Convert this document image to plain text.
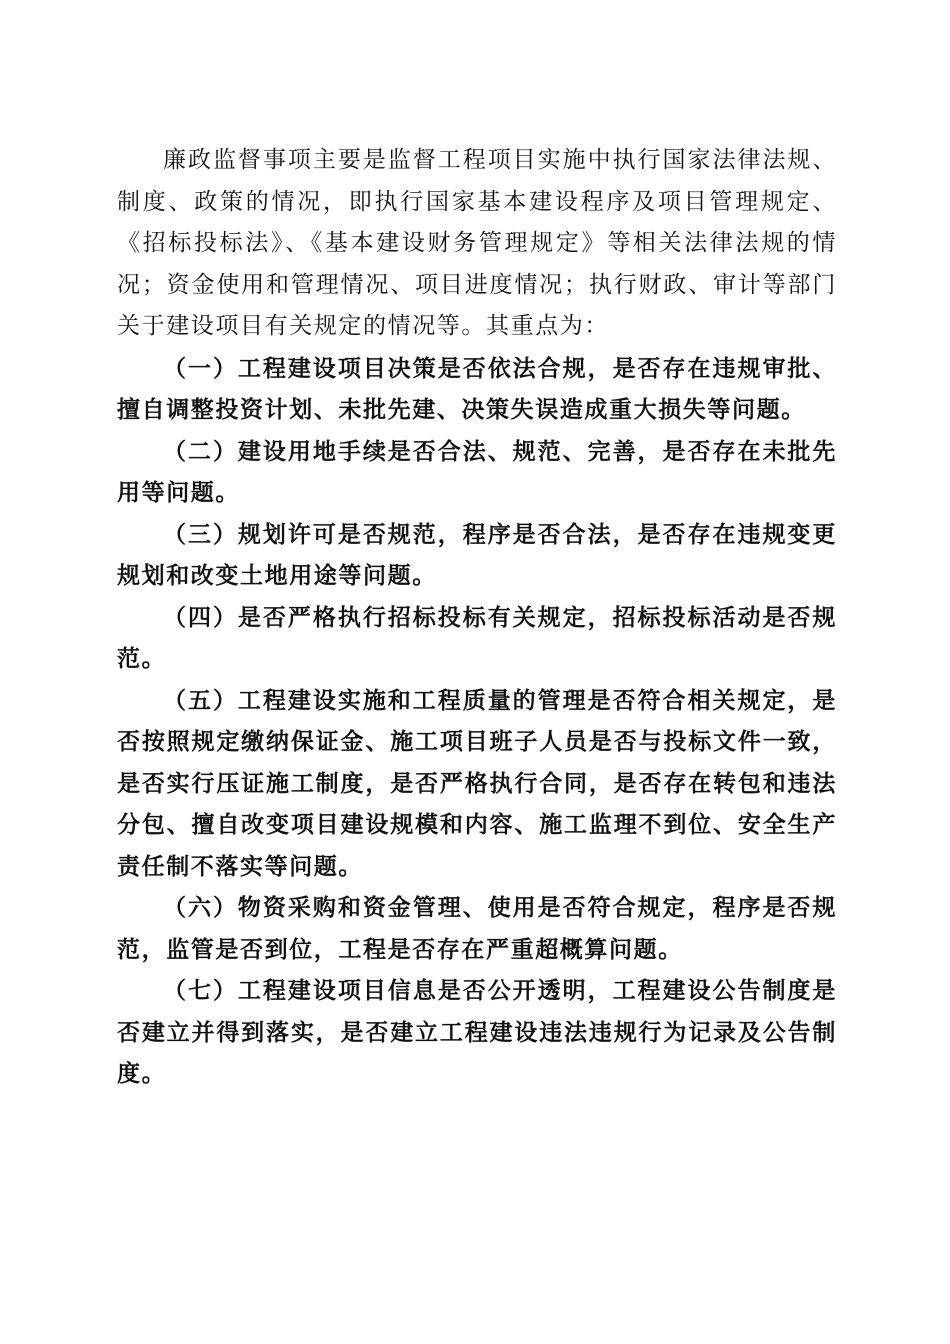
廉政监督事项主要是监督工程项目实施中执行国家法律法规、制度、政策的情况，即执行国家基本建设程序及项目管理规定、《招标投标法》、《基本建设财务管理规定》等相关法律法规的情况；资金使用和管理情况、项目进度情况；执行财政、审计等部门关于建设项目有关规定的情况等。其重点为：

（一）工程建设项目决策是否依法合规，是否存在违规审批、擅自调整投资计划、未批先建、决策失误造成重大损失等问题。

（二）建设用地手续是否合法、规范、完善，是否存在未批先用等问题。

（三）规划许可是否规范，程序是否合法，是否存在违规变更规划和改变土地用途等问题。

（四）是否严格执行招标投标有关规定，招标投标活动是否规范。

（五）工程建设实施和工程质量的管理是否符合相关规定，是否按照规定缴纳保证金、施工项目班子人员是否与投标文件一致，是否实行压证施工制度，是否严格执行合同，是否存在转包和违法分包、擅自改变项目建设规模和内容、施工监理不到位、安全生产责任制不落实等问题。

（六）物资采购和资金管理、使用是否符合规定，程序是否规范，监管是否到位，工程是否存在严重超概算问题。

（七）工程建设项目信息是否公开透明，工程建设公告制度是否建立并得到落实，是否建立工程建设违法违规行为记录及公告制度。
